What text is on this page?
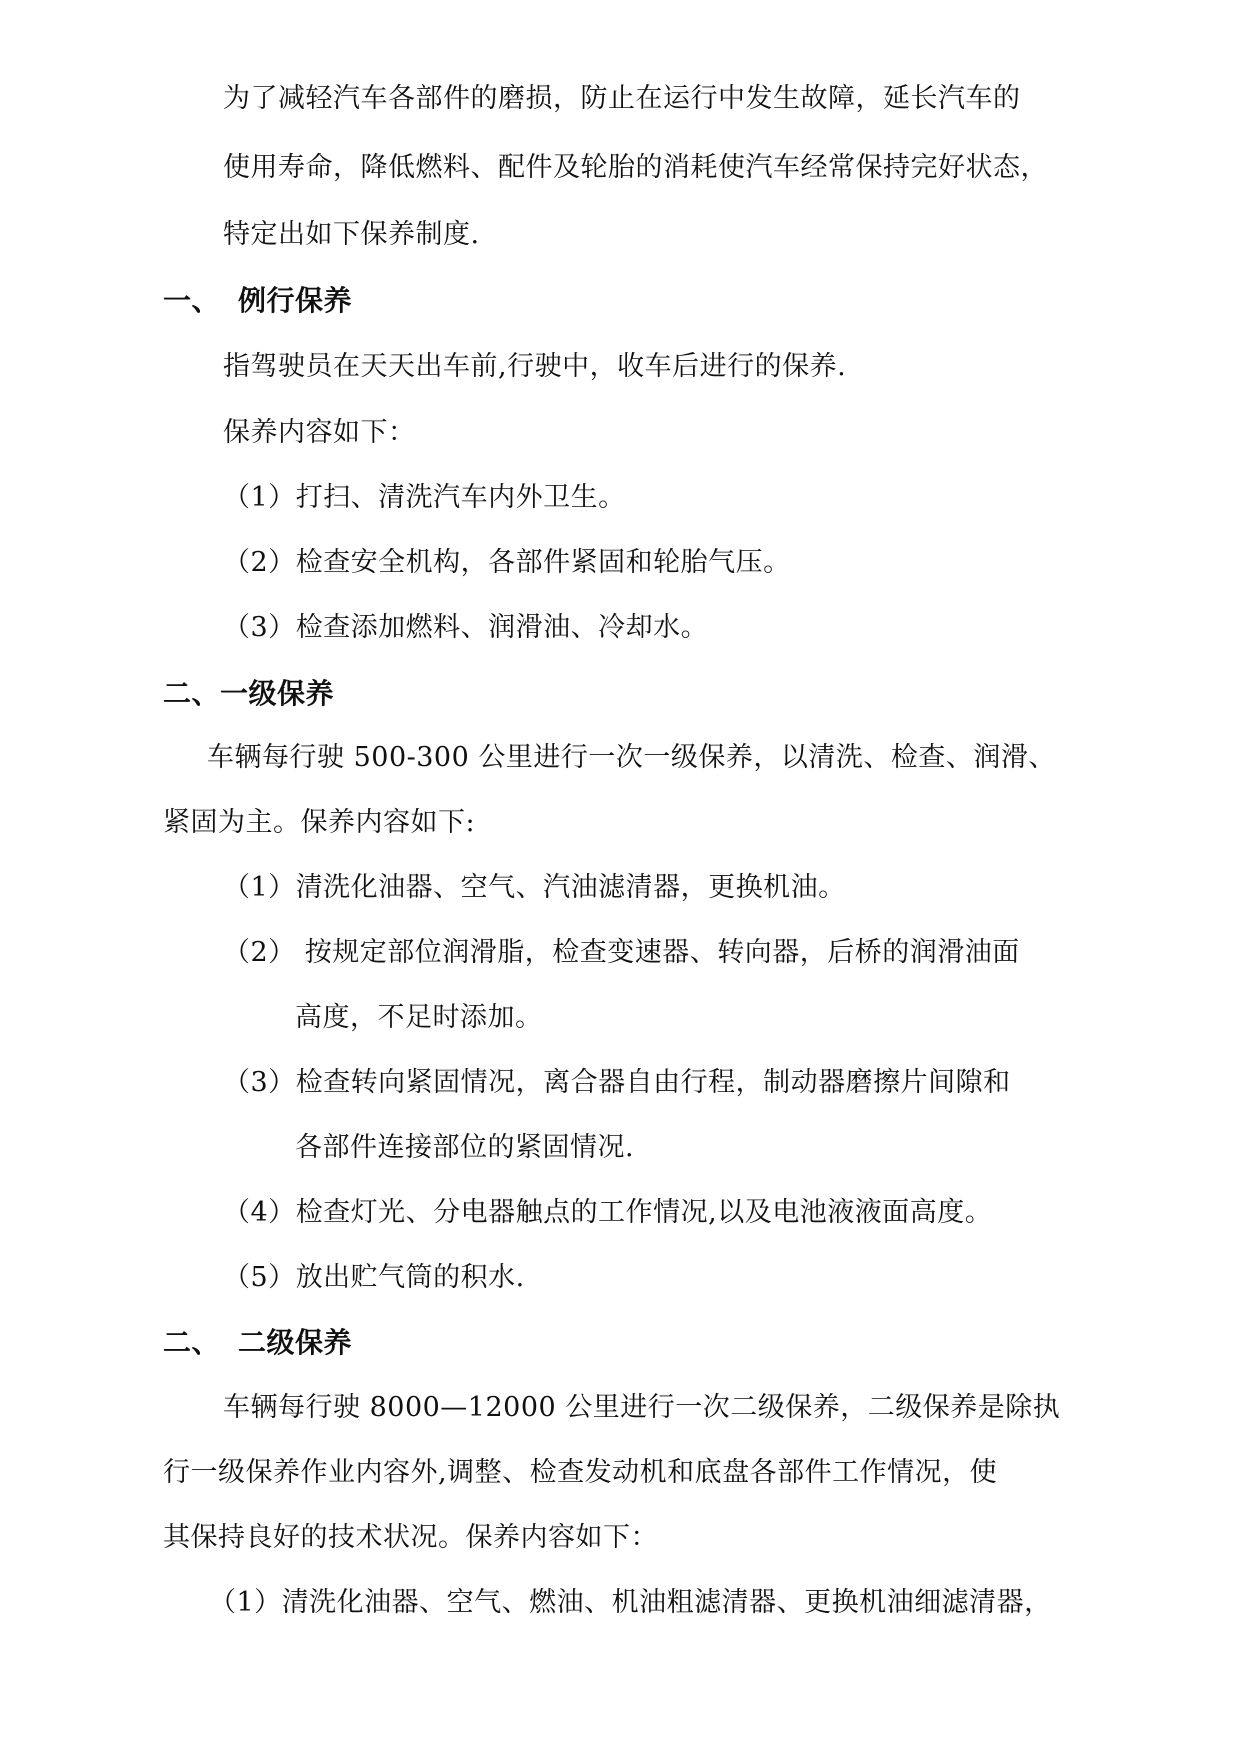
为了减轻汽车各部件的磨损，防止在运行中发生故障，延长汽车的
使用寿命，降低燃料、配件及轮胎的消耗使汽车经常保持完好状态，
特定出如下保养制度.
一、 例行保养
指驾驶员在天天出车前,行驶中，收车后进行的保养.
保养内容如下：
（1）打扫、清洗汽车内外卫生。
（2）检查安全机构，各部件紧固和轮胎气压。
（3）检查添加燃料、润滑油、冷却水。
二、一级保养
车辆每行驶 500-300 公里进行一次一级保养，以清洗、检查、润滑、
紧固为主。保养内容如下:
（1）清洗化油器、空气、汽油滤清器，更换机油。
（2） 按规定部位润滑脂，检查变速器、转向器，后桥的润滑油面
高度，不足时添加。
（3）检查转向紧固情况，离合器自由行程，制动器磨擦片间隙和
各部件连接部位的紧固情况.
（4）检查灯光、分电器触点的工作情况,以及电池液液面高度。
（5）放出贮气筒的积水.
二、 二级保养
车辆每行驶 8000—12000 公里进行一次二级保养，二级保养是除执
行一级保养作业内容外,调整、检查发动机和底盘各部件工作情况，使
其保持良好的技术状况。保养内容如下：
（1）清洗化油器、空气、燃油、机油粗滤清器、更换机油细滤清器，
